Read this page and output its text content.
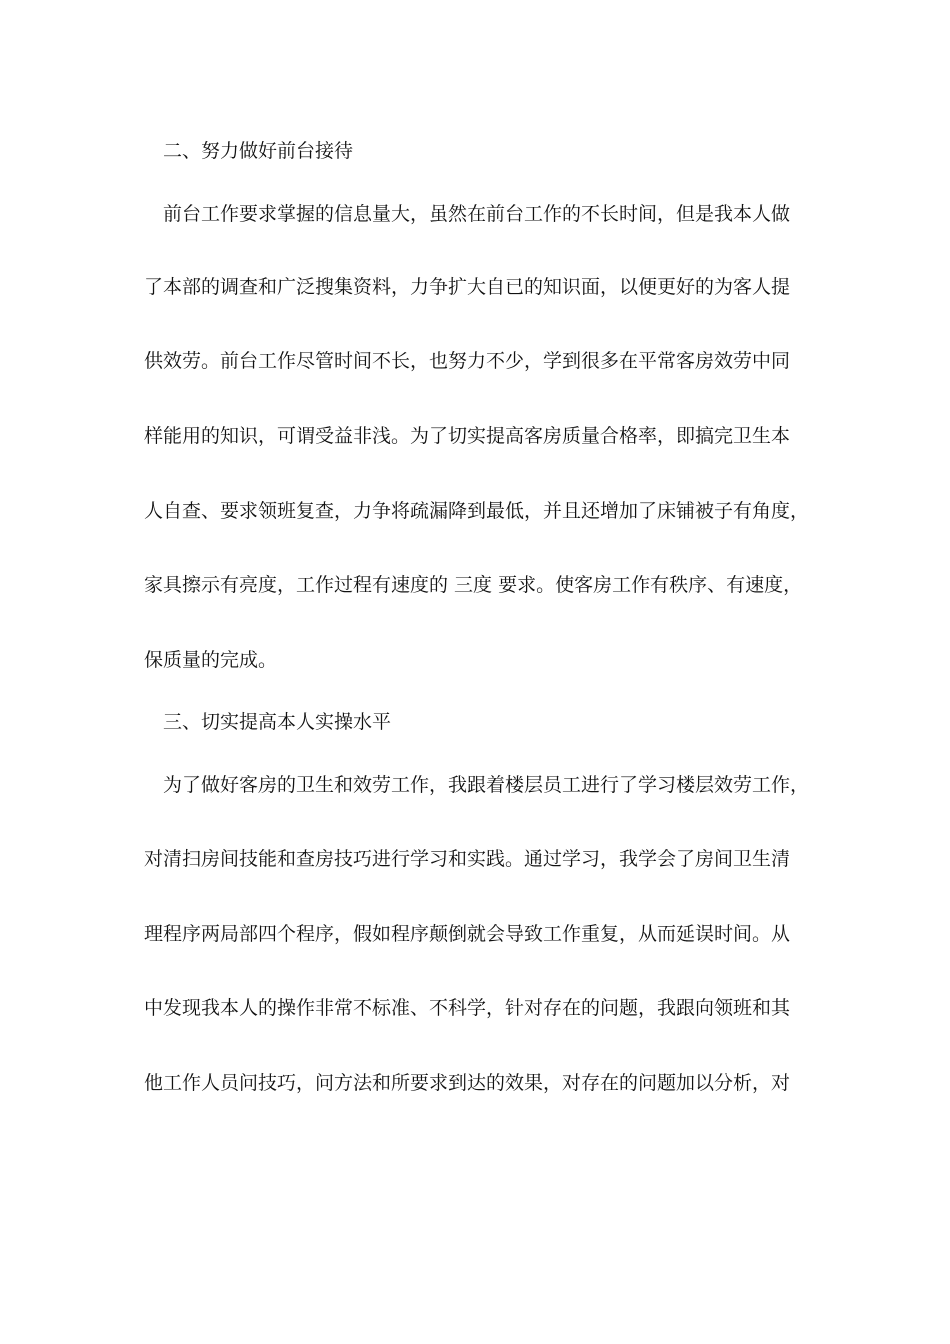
二、努力做好前台接待
前台工作要求掌握的信息量大，虽然在前台工作的不长时间，但是我本人做
了本部的调查和广泛搜集资料，力争扩大自已的知识面，以便更好的为客人提
供效劳。前台工作尽管时间不长，也努力不少，学到很多在平常客房效劳中同
样能用的知识，可谓受益非浅。为了切实提高客房质量合格率，即搞完卫生本
人自查、要求领班复查，力争将疏漏降到最低，并且还增加了床铺被子有角度，
家具擦示有亮度，工作过程有速度的 三度 要求。使客房工作有秩序、有速度，
保质量的完成。
三、切实提高本人实操水平
为了做好客房的卫生和效劳工作，我跟着楼层员工进行了学习楼层效劳工作，
对清扫房间技能和查房技巧进行学习和实践。通过学习，我学会了房间卫生清
理程序两局部四个程序，假如程序颠倒就会导致工作重复，从而延误时间。从
中发现我本人的操作非常不标准、不科学，针对存在的问题，我跟向领班和其
他工作人员问技巧，问方法和所要求到达的效果，对存在的问题加以分析，对
